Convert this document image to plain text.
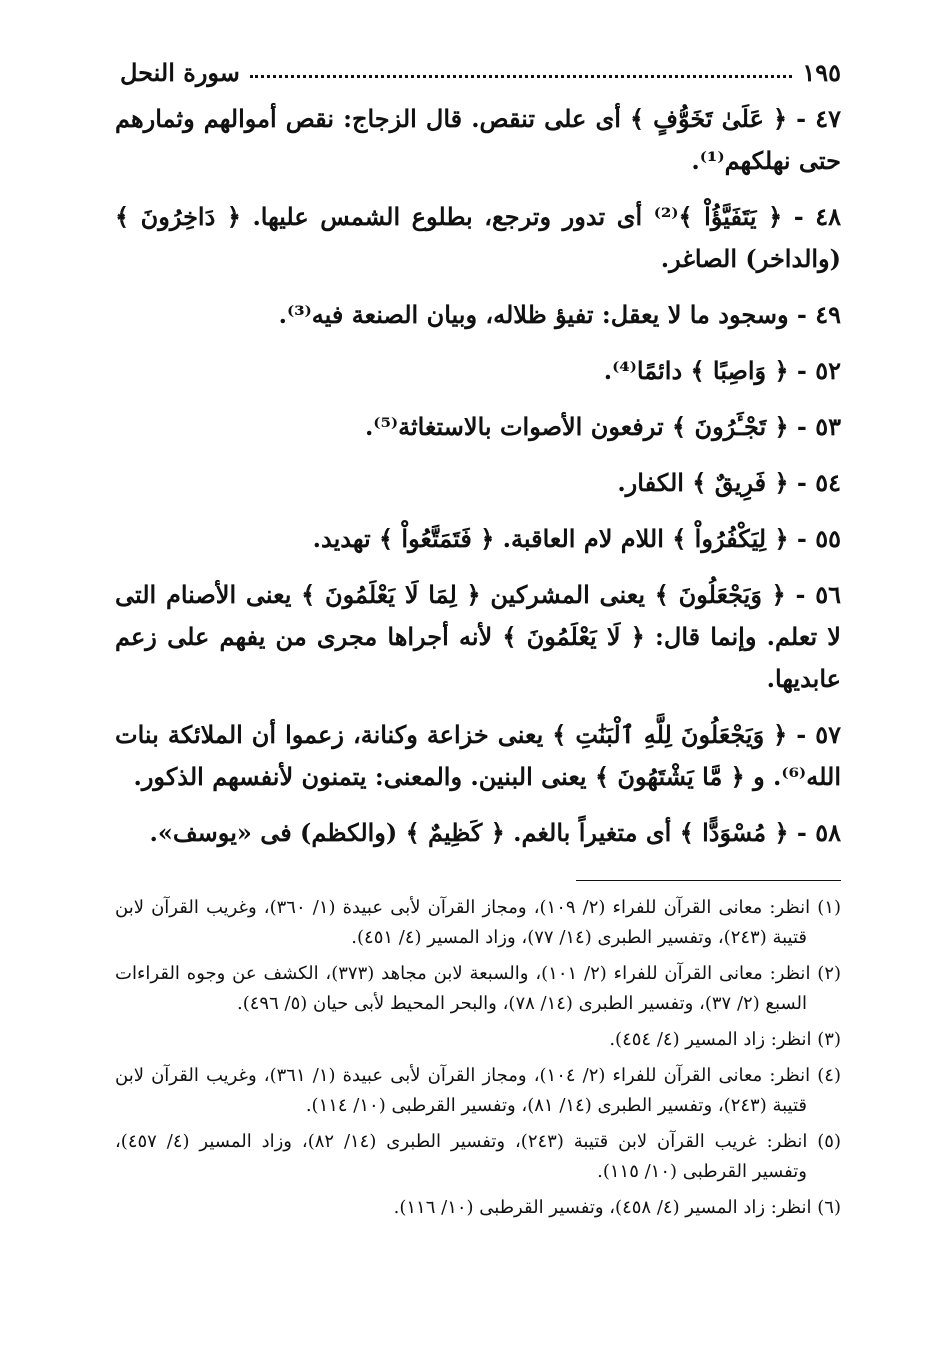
سورة النحل	١٩٥

٤٧ - ﴿ عَلَىٰ تَخَوُّفٍ ﴾ أى على تنقص. قال الزجاج: نقص أموالهم وثمارهم حتى نهلكهم⁽¹⁾.

٤٨ - ﴿ يَتَفَيَّؤُاْ ﴾⁽²⁾ أى تدور وترجع، بطلوع الشمس عليها. ﴿ دَاخِرُونَ ﴾ (والداخر) الصاغر.

٤٩ - وسجود ما لا يعقل: تفيؤ ظلاله، وبيان الصنعة فيه⁽³⁾.

٥٢ - ﴿ وَاصِبًا ﴾ دائمًا⁽⁴⁾.

٥٣ - ﴿ تَجْـَٔرُونَ ﴾ ترفعون الأصوات بالاستغاثة⁽⁵⁾.

٥٤ - ﴿ فَرِيقٌ ﴾ الكفار.

٥٥ - ﴿ لِيَكْفُرُواْ ﴾ اللام لام العاقبة. ﴿ فَتَمَتَّعُواْ ﴾ تهديد.

٥٦ - ﴿ وَيَجْعَلُونَ ﴾ يعنى المشركين ﴿ لِمَا لَا يَعْلَمُونَ ﴾ يعنى الأصنام التى لا تعلم. وإنما قال: ﴿ لَا يَعْلَمُونَ ﴾ لأنه أجراها مجرى من يفهم على زعم عابديها.

٥٧ - ﴿ وَيَجْعَلُونَ لِلَّهِ ٱلْبَنَٰتِ ﴾ يعنى خزاعة وكنانة، زعموا أن الملائكة بنات الله⁽⁶⁾. و ﴿ مَّا يَشْتَهُونَ ﴾ يعنى البنين. والمعنى: يتمنون لأنفسهم الذكور.

٥٨ - ﴿ مُسْوَدًّا ﴾ أى متغيراً بالغم. ﴿ كَظِيمٌ ﴾ (والكظم) فى «يوسف».

(١) انظر: معانى القرآن للفراء (٢/ ١٠٩)، ومجاز القرآن لأبى عبيدة (١/ ٣٦٠)، وغريب القرآن لابن قتيبة (٢٤٣)، وتفسير الطبرى (١٤/ ٧٧)، وزاد المسير (٤/ ٤٥١).

(٢) انظر: معانى القرآن للفراء (٢/ ١٠١)، والسبعة لابن مجاهد (٣٧٣)، الكشف عن وجوه القراءات السبع (٢/ ٣٧)، وتفسير الطبرى (١٤/ ٧٨)، والبحر المحيط لأبى حيان (٥/ ٤٩٦).

(٣) انظر: زاد المسير (٤/ ٤٥٤).

(٤) انظر: معانى القرآن للفراء (٢/ ١٠٤)، ومجاز القرآن لأبى عبيدة (١/ ٣٦١)، وغريب القرآن لابن قتيبة (٢٤٣)، وتفسير الطبرى (١٤/ ٨١)، وتفسير القرطبى (١٠/ ١١٤).

(٥) انظر: غريب القرآن لابن قتيبة (٢٤٣)، وتفسير الطبرى (١٤/ ٨٢)، وزاد المسير (٤/ ٤٥٧)، وتفسير القرطبى (١٠/ ١١٥).

(٦) انظر: زاد المسير (٤/ ٤٥٨)، وتفسير القرطبى (١٠/ ١١٦).
